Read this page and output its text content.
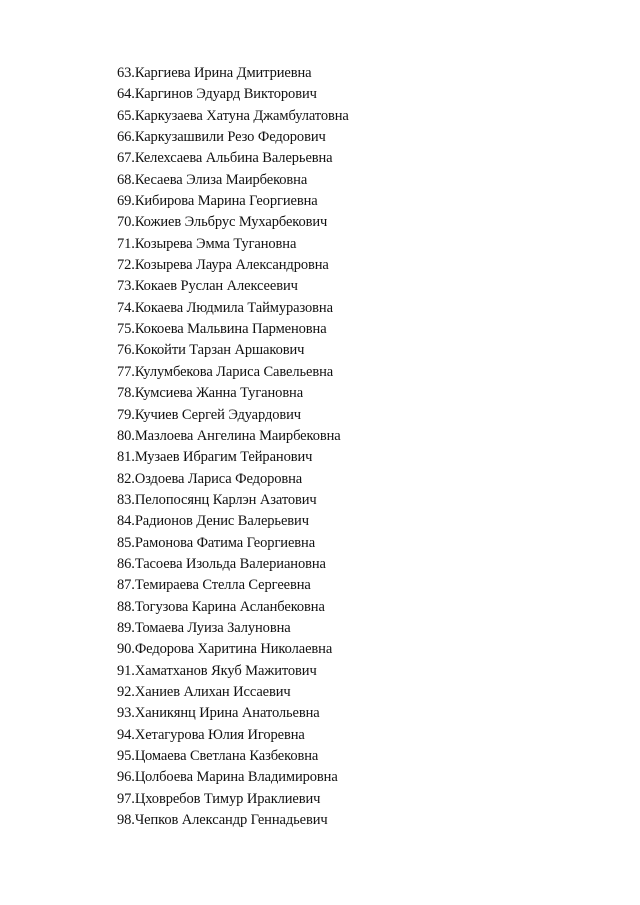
63.Каргиева Ирина Дмитриевна
64.Каргинов Эдуард Викторович
65.Каркузаева Хатуна Джамбулатовна
66.Каркузашвили Резо Федорович
67.Келехсаева Альбина Валерьевна
68.Кесаева Элиза Маирбековна
69.Кибирова Марина Георгиевна
70.Кожиев Эльбрус Мухарбекович
71.Козырева Эмма Тугановна
72.Козырева Лаура Александровна
73.Кокаев Руслан Алексеевич
74.Кокаева Людмила Таймуразовна
75.Кокоева Мальвина Парменовна
76.Кокойти Тарзан Аршакович
77.Кулумбекова Лариса Савельевна
78.Кумсиева Жанна Тугановна
79.Кучиев Сергей Эдуардович
80.Мазлоева Ангелина Маирбековна
81.Музаев Ибрагим Тейранович
82.Оздоева Лариса Федоровна
83.Пелопосянц Карлэн Азатович
84.Радионов Денис Валерьевич
85.Рамонова Фатима Георгиевна
86.Тасоева Изольда Валериановна
87.Темираева Стелла Сергеевна
88.Тогузова Карина Асланбековна
89.Томаева Луиза Залуновна
90.Федорова Харитина Николаевна
91.Хаматханов Якуб Мажитович
92.Ханиев Алихан Иссаевич
93.Ханикянц Ирина Анатольевна
94.Хетагурова Юлия Игоревна
95.Цомаева Светлана Казбековна
96.Цолбоева Марина Владимировна
97.Цховребов Тимур Ираклиевич
98.Чепков Александр Геннадьевич
